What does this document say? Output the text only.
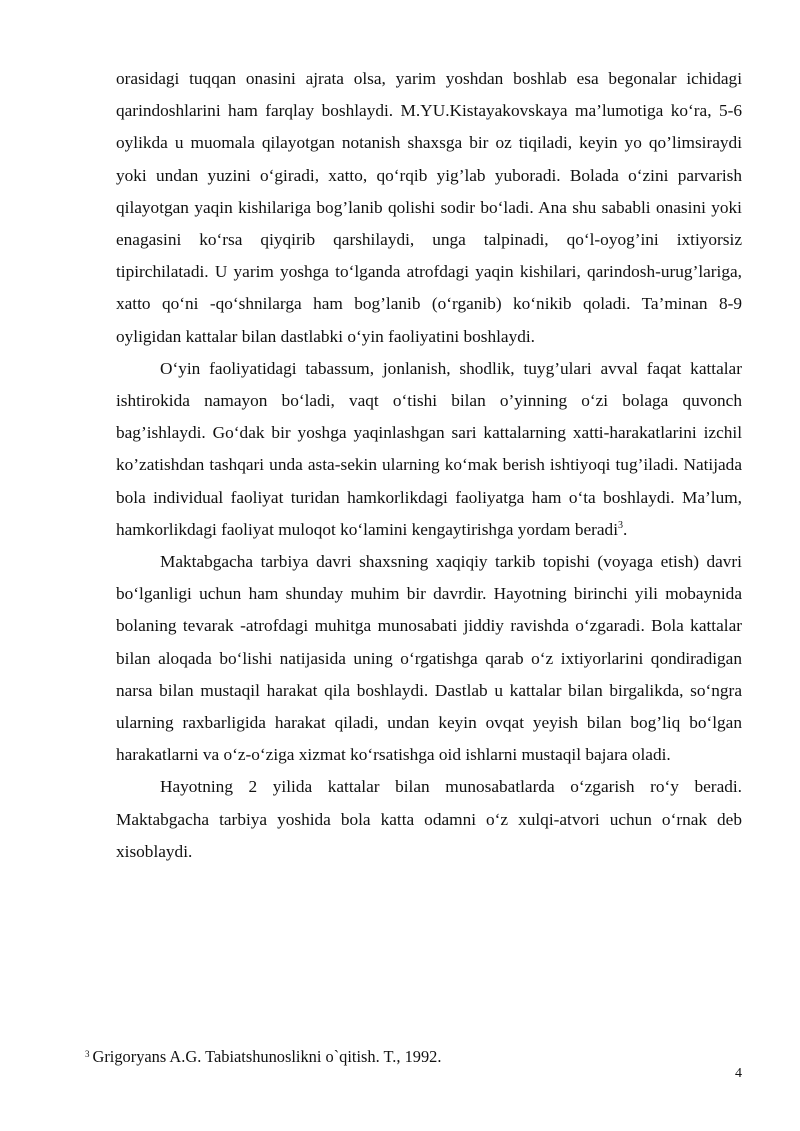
orasidagi tuqqan onasini ajrata olsa, yarim yoshdan boshlab esa begonalar ichidagi qarindoshlarini ham farqlay boshlaydi. M.YU.Kistayakovskaya ma’lumotiga ko‘ra, 5-6 oylikda u muomala qilayotgan notanish shaxsga bir oz tiqiladi, keyin yo qo’limsiraydi yoki undan yuzini o‘giradi, xatto, qo‘rqib yig’lab yuboradi. Bolada o‘zini parvarish qilayotgan yaqin kishilariga bog’lanib qolishi sodir bo‘ladi. Ana shu sababli onasini yoki enagasini ko‘rsa qiyqirib qarshilaydi, unga talpinadi, qo‘l-oyog’ini ixtiyorsiz tipirchilatadi. U yarim yoshga to‘lganda atrofdagi yaqin kishilari, qarindosh-urug’lariga, xatto qo‘ni -qo‘shnilarga ham bog’lanib (o‘rganib) ko‘nikib qoladi. Ta’minan 8-9 oyligidan kattalar bilan dastlabki o‘yin faoliyatini boshlaydi.

O‘yin faoliyatidagi tabassum, jonlanish, shodlik, tuyg’ulari avval faqat kattalar ishtirokida namayon bo‘ladi, vaqt o‘tishi bilan o’yinning o‘zi bolaga quvonch bag’ishlaydi. Go‘dak bir yoshga yaqinlashgan sari kattalarning xatti-harakatlarini izchil ko’zatishdan tashqari unda asta-sekin ularning ko‘mak berish ishtiyoqi tug’iladi. Natijada bola individual faoliyat turidan hamkorlikdagi faoliyatga ham o‘ta boshlaydi. Ma’lum, hamkorlikdagi faoliyat muloqot ko‘lamini kengaytirishga yordam beradi$^3$.

Maktabgacha tarbiya davri shaxsning xaqiqiy tarkib topishi (voyaga etish) davri bo‘lganligi uchun ham shunday muhim bir davrdir. Hayotning birinchi yili mobaynida bolaning tevarak -atrofdagi muhitga munosabati jiddiy ravishda o‘zgaradi. Bola kattalar bilan aloqada bo‘lishi natijasida uning o‘rgatishga qarab o‘z ixtiyorlarini qondiradigan narsa bilan mustaqil harakat qila boshlaydi. Dastlab u kattalar bilan birgalikda, so‘ngra ularning raxbarligida harakat qiladi, undan keyin ovqat yeyish bilan bog’liq bo‘lgan harakatlarni va o‘z-o‘ziga xizmat ko‘rsatishga oid ishlarni mustaqil bajara oladi.

Hayotning 2 yilida kattalar bilan munosabatlarda o‘zgarish ro‘y beradi. Maktabgacha tarbiya yoshida bola katta odamni o‘z xulqi-atvori uchun o‘rnak deb xisoblaydi.

$^3$ Grigoryans A.G. Tabiatshunoslikni o`qitish. T., 1992.
4
